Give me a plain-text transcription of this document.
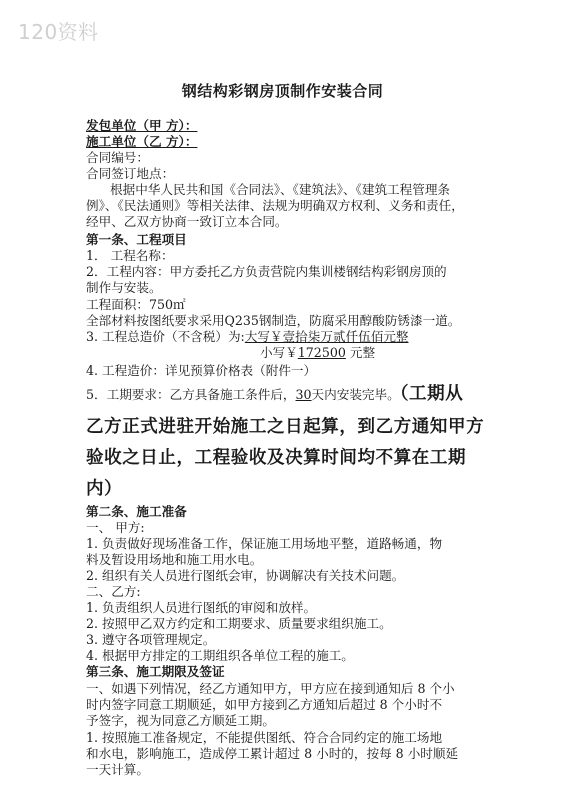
120资料
钢结构彩钢房顶制作安装合同
发包单位（甲 方）：
施工单位（乙 方）：
合同编号：
合同签订地点：
根据中华人民共和国《合同法》、《建筑法》、《建筑工程管理条
例》、《民法通则》等相关法律、法规为明确双方权利、义务和责任，
经甲、乙双方协商一致订立本合同。
第一条、工程项目
1． 工程名称：
2．工程内容：甲方委托乙方负责营院内集训楼钢结构彩钢房顶的
制作与安装。
工程面积：750㎡
全部材料按图纸要求采用Q235钢制造，防腐采用醇酸防锈漆一道。
3. 工程总造价（不含税）为:大写￥壹拾柒万贰仟伍佰元整
小写￥172500 元整
4. 工程造价：详见预算价格表（附件一）
5．工期要求：乙方具备施工条件后，30天内安装完毕。（工期从
乙方正式进驻开始施工之日起算，到乙方通知甲方
验收之日止，工程验收及决算时间均不算在工期
内）
第二条、施工准备
一、 甲方:
1. 负责做好现场准备工作，保证施工用场地平整，道路畅通，物
料及暂设用场地和施工用水电。
2. 组织有关人员进行图纸会审，协调解决有关技术问题。
二、乙方:
1. 负责组织人员进行图纸的审阅和放样。
2. 按照甲乙双方约定和工期要求、质量要求组织施工。
3. 遵守各项管理规定。
4. 根据甲方排定的工期组织各单位工程的施工。
第三条、施工期限及签证
一、如遇下列情况，经乙方通知甲方，甲方应在接到通知后 8 个小
时内签字同意工期顺延，如甲方接到乙方通知后超过 8 个小时不
予签字，视为同意乙方顺延工期。
1. 按照施工准备规定，不能提供图纸、符合合同约定的施工场地
和水电，影响施工，造成停工累计超过 8 小时的，按每 8 小时顺延
一天计算。
